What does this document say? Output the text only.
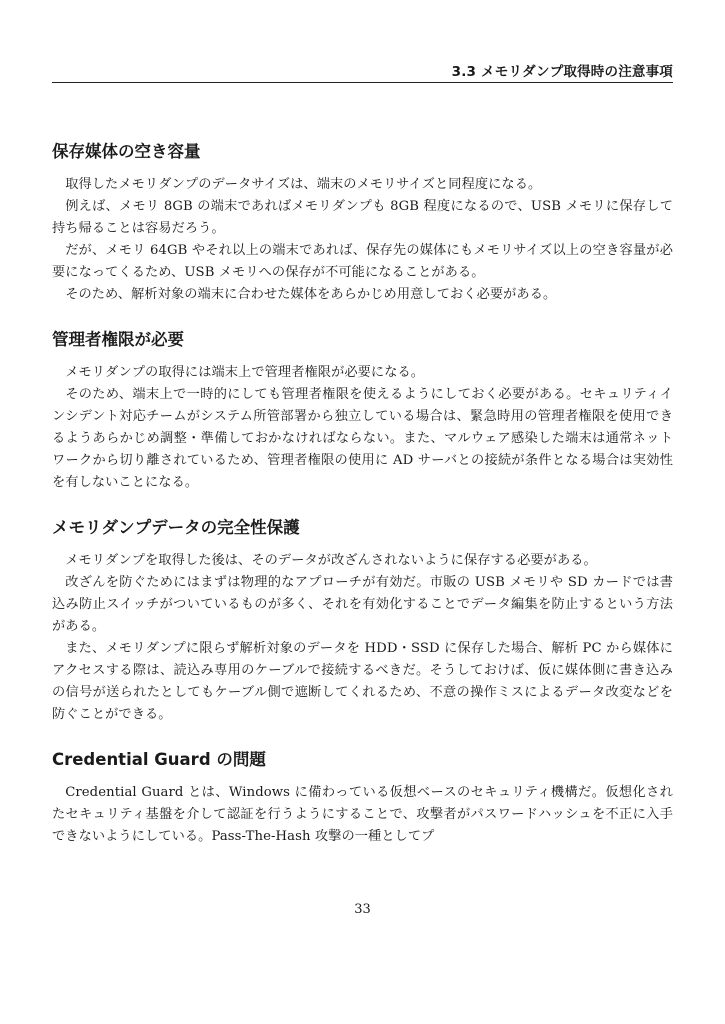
3.3 メモリダンプ取得時の注意事項
保存媒体の空き容量

取得したメモリダンプのデータサイズは、端末のメモリサイズと同程度になる。

例えば、メモリ 8GB の端末であればメモリダンプも 8GB 程度になるので、USB メモリに保存して持ち帰ることは容易だろう。

だが、メモリ 64GB やそれ以上の端末であれば、保存先の媒体にもメモリサイズ以上の空き容量が必要になってくるため、USB メモリへの保存が不可能になることがある。

そのため、解析対象の端末に合わせた媒体をあらかじめ用意しておく必要がある。

管理者権限が必要

メモリダンプの取得には端末上で管理者権限が必要になる。

そのため、端末上で一時的にしても管理者権限を使えるようにしておく必要がある。セキュリティインシデント対応チームがシステム所管部署から独立している場合は、緊急時用の管理者権限を使用できるようあらかじめ調整・準備しておかなければならない。また、マルウェア感染した端末は通常ネットワークから切り離されているため、管理者権限の使用に AD サーバとの接続が条件となる場合は実効性を有しないことになる。

メモリダンプデータの完全性保護

メモリダンプを取得した後は、そのデータが改ざんされないように保存する必要がある。

改ざんを防ぐためにはまずは物理的なアプローチが有効だ。市販の USB メモリや SD カードでは書込み防止スイッチがついているものが多く、それを有効化することでデータ編集を防止するという方法がある。

また、メモリダンプに限らず解析対象のデータを HDD・SSD に保存した場合、解析 PC から媒体にアクセスする際は、読込み専用のケーブルで接続するべきだ。そうしておけば、仮に媒体側に書き込みの信号が送られたとしてもケーブル側で遮断してくれるため、不意の操作ミスによるデータ改変などを防ぐことができる。

Credential Guard の問題

Credential Guard とは、Windows に備わっている仮想ベースのセキュリティ機構だ。仮想化されたセキュリティ基盤を介して認証を行うようにすることで、攻撃者がパスワードハッシュを不正に入手できないようにしている。Pass-The-Hash 攻撃の一種としてプ

33
